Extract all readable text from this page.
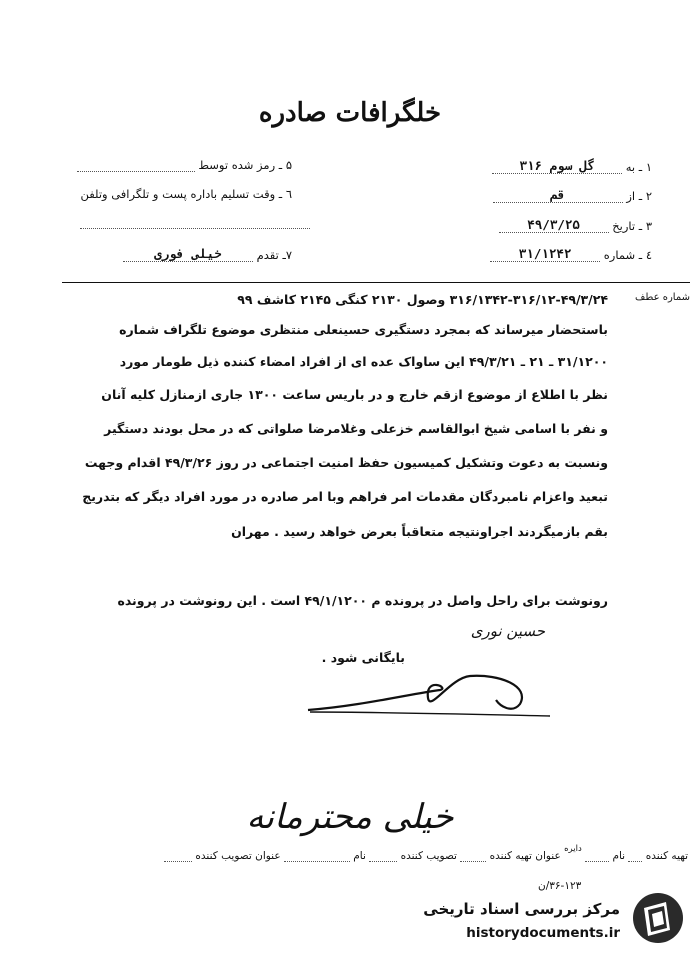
خلگرافات صادره
۱ ـ به گل سوم ۳۱۶
۲ ـ از قم
۳ ـ تاریخ ۴۹/۳/۲۵
٤ ـ شماره ۳۱/۱۲۴۲
۵ ـ رمز شده توسط
٦ ـ وقت تسلیم باداره پست و تلگرافی وتلفن
۷ـ تقدم خیلی فوری
شماره عطف
۳۱۶/۱۳۴۲-۳۱۶/۱۲-۴۹/۳/۲۴ وصول ۲۱۳۰ کنگی ۲۱۴۵ کاشف ۹۹
باستحضار میرساند که بمجرد دستگیری حسینعلی منتظری موضوع تلگراف شماره
۳۱/۱۲۰۰ ـ ۲۱ ـ ۴۹/۳/۲۱ این ساواک عده ای از افراد امضاء کننده ذیل طومار مورد
نظر با اطلاع از موضوع ازقم خارج و در باریس ساعت ۱۳۰۰ جاری ازمنازل کلیه آنان
و نفر با اسامی شیخ ابوالقاسم خزعلی وغلامرضا صلواتی که در محل بودند دستگیر
ونسبت به دعوت وتشکیل کمیسیون حفظ امنیت اجتماعی در روز ۴۹/۳/۲۶ اقدام وجهت
تبعید واعزام نامبردگان مقدمات امر فراهم وبا امر صادره در مورد افراد دیگر که بتدریج
بقم بازمیگردند اجراونتیجه متعاقباً بعرض خواهد رسید . مهران
رونوشت برای راحل واصل در پرونده م ۴۹/۱/۱۲۰۰ است . این رونوشت در پرونده
حسین نوری
بایگانی شود .
خیلی محترمانه
تهیه کننده  نام  دایره عنوان تهیه کننده  تصویب کننده  نام  عنوان تصویب کننده
۳۶-۱۲۳/ن
مرکز بررسی اسناد تاریخی
historydocuments.ir
